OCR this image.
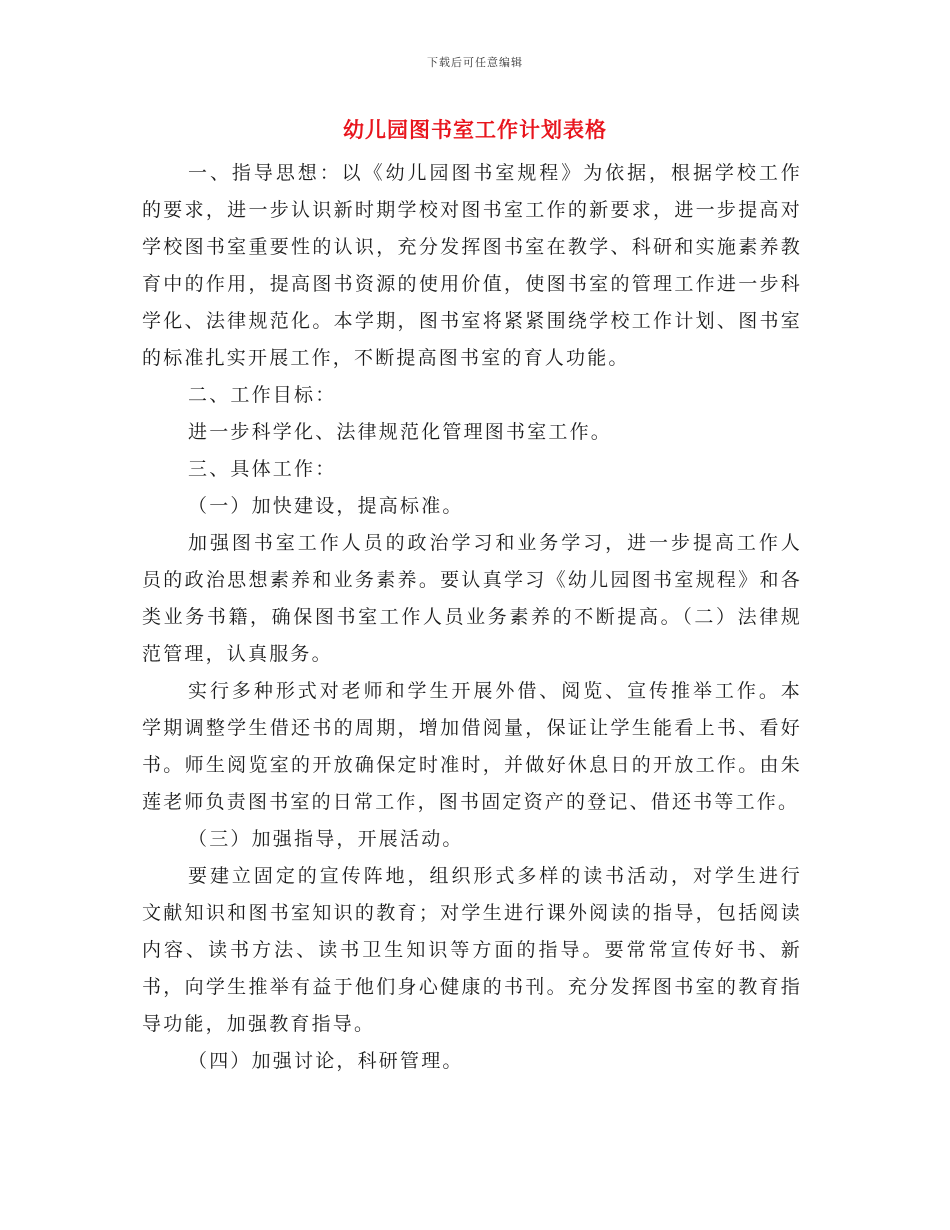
下载后可任意编辑
幼儿园图书室工作计划表格

一、指导思想：以《幼儿园图书室规程》为依据，根据学校工作的要求，进一步认识新时期学校对图书室工作的新要求，进一步提高对学校图书室重要性的认识，充分发挥图书室在教学、科研和实施素养教育中的作用，提高图书资源的使用价值，使图书室的管理工作进一步科学化、法律规范化。本学期，图书室将紧紧围绕学校工作计划、图书室的标准扎实开展工作，不断提高图书室的育人功能。

二、工作目标：

进一步科学化、法律规范化管理图书室工作。

三、具体工作：

（一）加快建设，提高标准。

加强图书室工作人员的政治学习和业务学习，进一步提高工作人员的政治思想素养和业务素养。要认真学习《幼儿园图书室规程》和各类业务书籍，确保图书室工作人员业务素养的不断提高。（二）法律规范管理，认真服务。

实行多种形式对老师和学生开展外借、阅览、宣传推举工作。本学期调整学生借还书的周期，增加借阅量，保证让学生能看上书、看好书。师生阅览室的开放确保定时准时，并做好休息日的开放工作。由朱莲老师负责图书室的日常工作，图书固定资产的登记、借还书等工作。

（三）加强指导，开展活动。

要建立固定的宣传阵地，组织形式多样的读书活动，对学生进行文献知识和图书室知识的教育；对学生进行课外阅读的指导，包括阅读内容、读书方法、读书卫生知识等方面的指导。要常常宣传好书、新书，向学生推举有益于他们身心健康的书刊。充分发挥图书室的教育指导功能，加强教育指导。

（四）加强讨论，科研管理。
